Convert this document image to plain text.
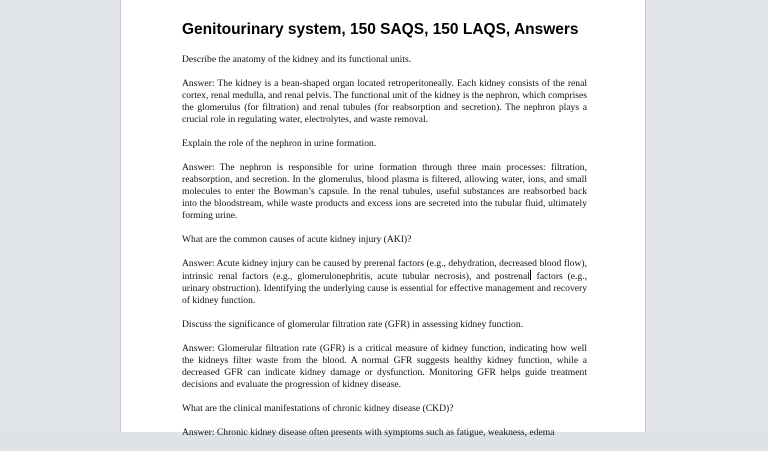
Genitourinary system, 150 SAQS, 150 LAQS, Answers

Describe the anatomy of the kidney and its functional units.

Answer: The kidney is a bean-shaped organ located retroperitoneally. Each kidney consists of the renal cortex, renal medulla, and renal pelvis. The functional unit of the kidney is the nephron, which comprises the glomerulus (for filtration) and renal tubules (for reabsorption and secretion). The nephron plays a crucial role in regulating water, electrolytes, and waste removal.

Explain the role of the nephron in urine formation.

Answer: The nephron is responsible for urine formation through three main processes: filtration, reabsorption, and secretion. In the glomerulus, blood plasma is filtered, allowing water, ions, and small molecules to enter the Bowman’s capsule. In the renal tubules, useful substances are reabsorbed back into the bloodstream, while waste products and excess ions are secreted into the tubular fluid, ultimately forming urine.

What are the common causes of acute kidney injury (AKI)?

Answer: Acute kidney injury can be caused by prerenal factors (e.g., dehydration, decreased blood flow), intrinsic renal factors (e.g., glomerulonephritis, acute tubular necrosis), and postrenal factors (e.g., urinary obstruction). Identifying the underlying cause is essential for effective management and recovery of kidney function.

Discuss the significance of glomerular filtration rate (GFR) in assessing kidney function.

Answer: Glomerular filtration rate (GFR) is a critical measure of kidney function, indicating how well the kidneys filter waste from the blood. A normal GFR suggests healthy kidney function, while a decreased GFR can indicate kidney damage or dysfunction. Monitoring GFR helps guide treatment decisions and evaluate the progression of kidney disease.

What are the clinical manifestations of chronic kidney disease (CKD)?

Answer: Chronic kidney disease often presents with symptoms such as fatigue, weakness, edema
